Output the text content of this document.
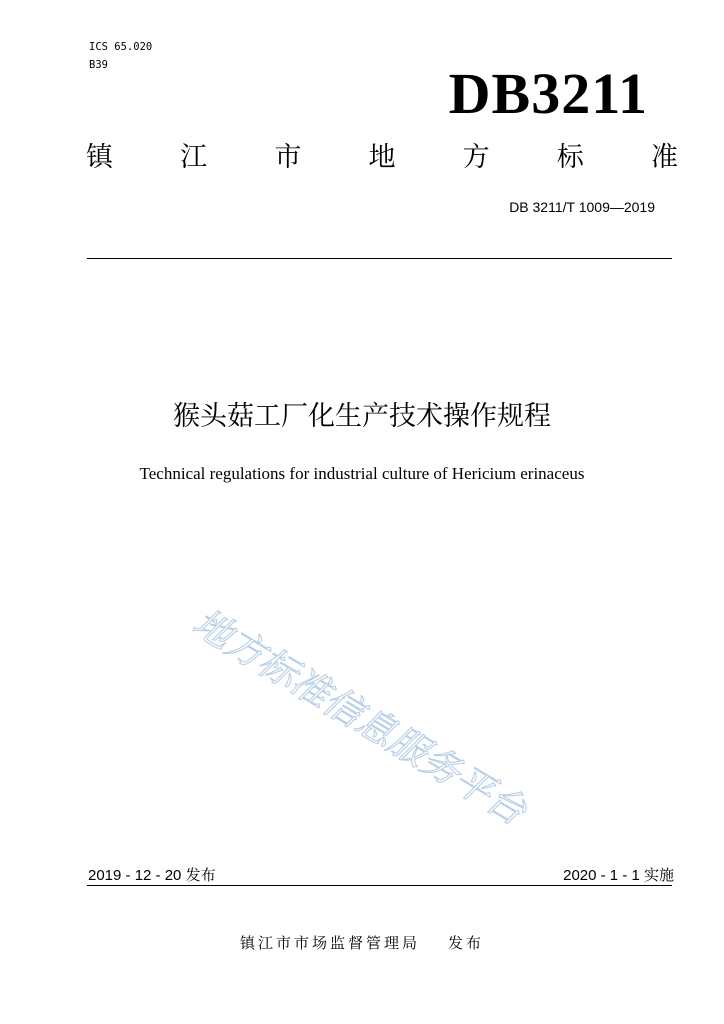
ICS 65.020
B39	DB3211
镇 江 市 地 方 标 准
DB 3211/T 1009—2019
猴头菇工厂化生产技术操作规程
Technical regulations for industrial culture of Hericium erinaceus
地方标准信息服务平台
2019 - 12 - 20 发布	2020 - 1 - 1 实施
镇江市市场监督管理局 发布
